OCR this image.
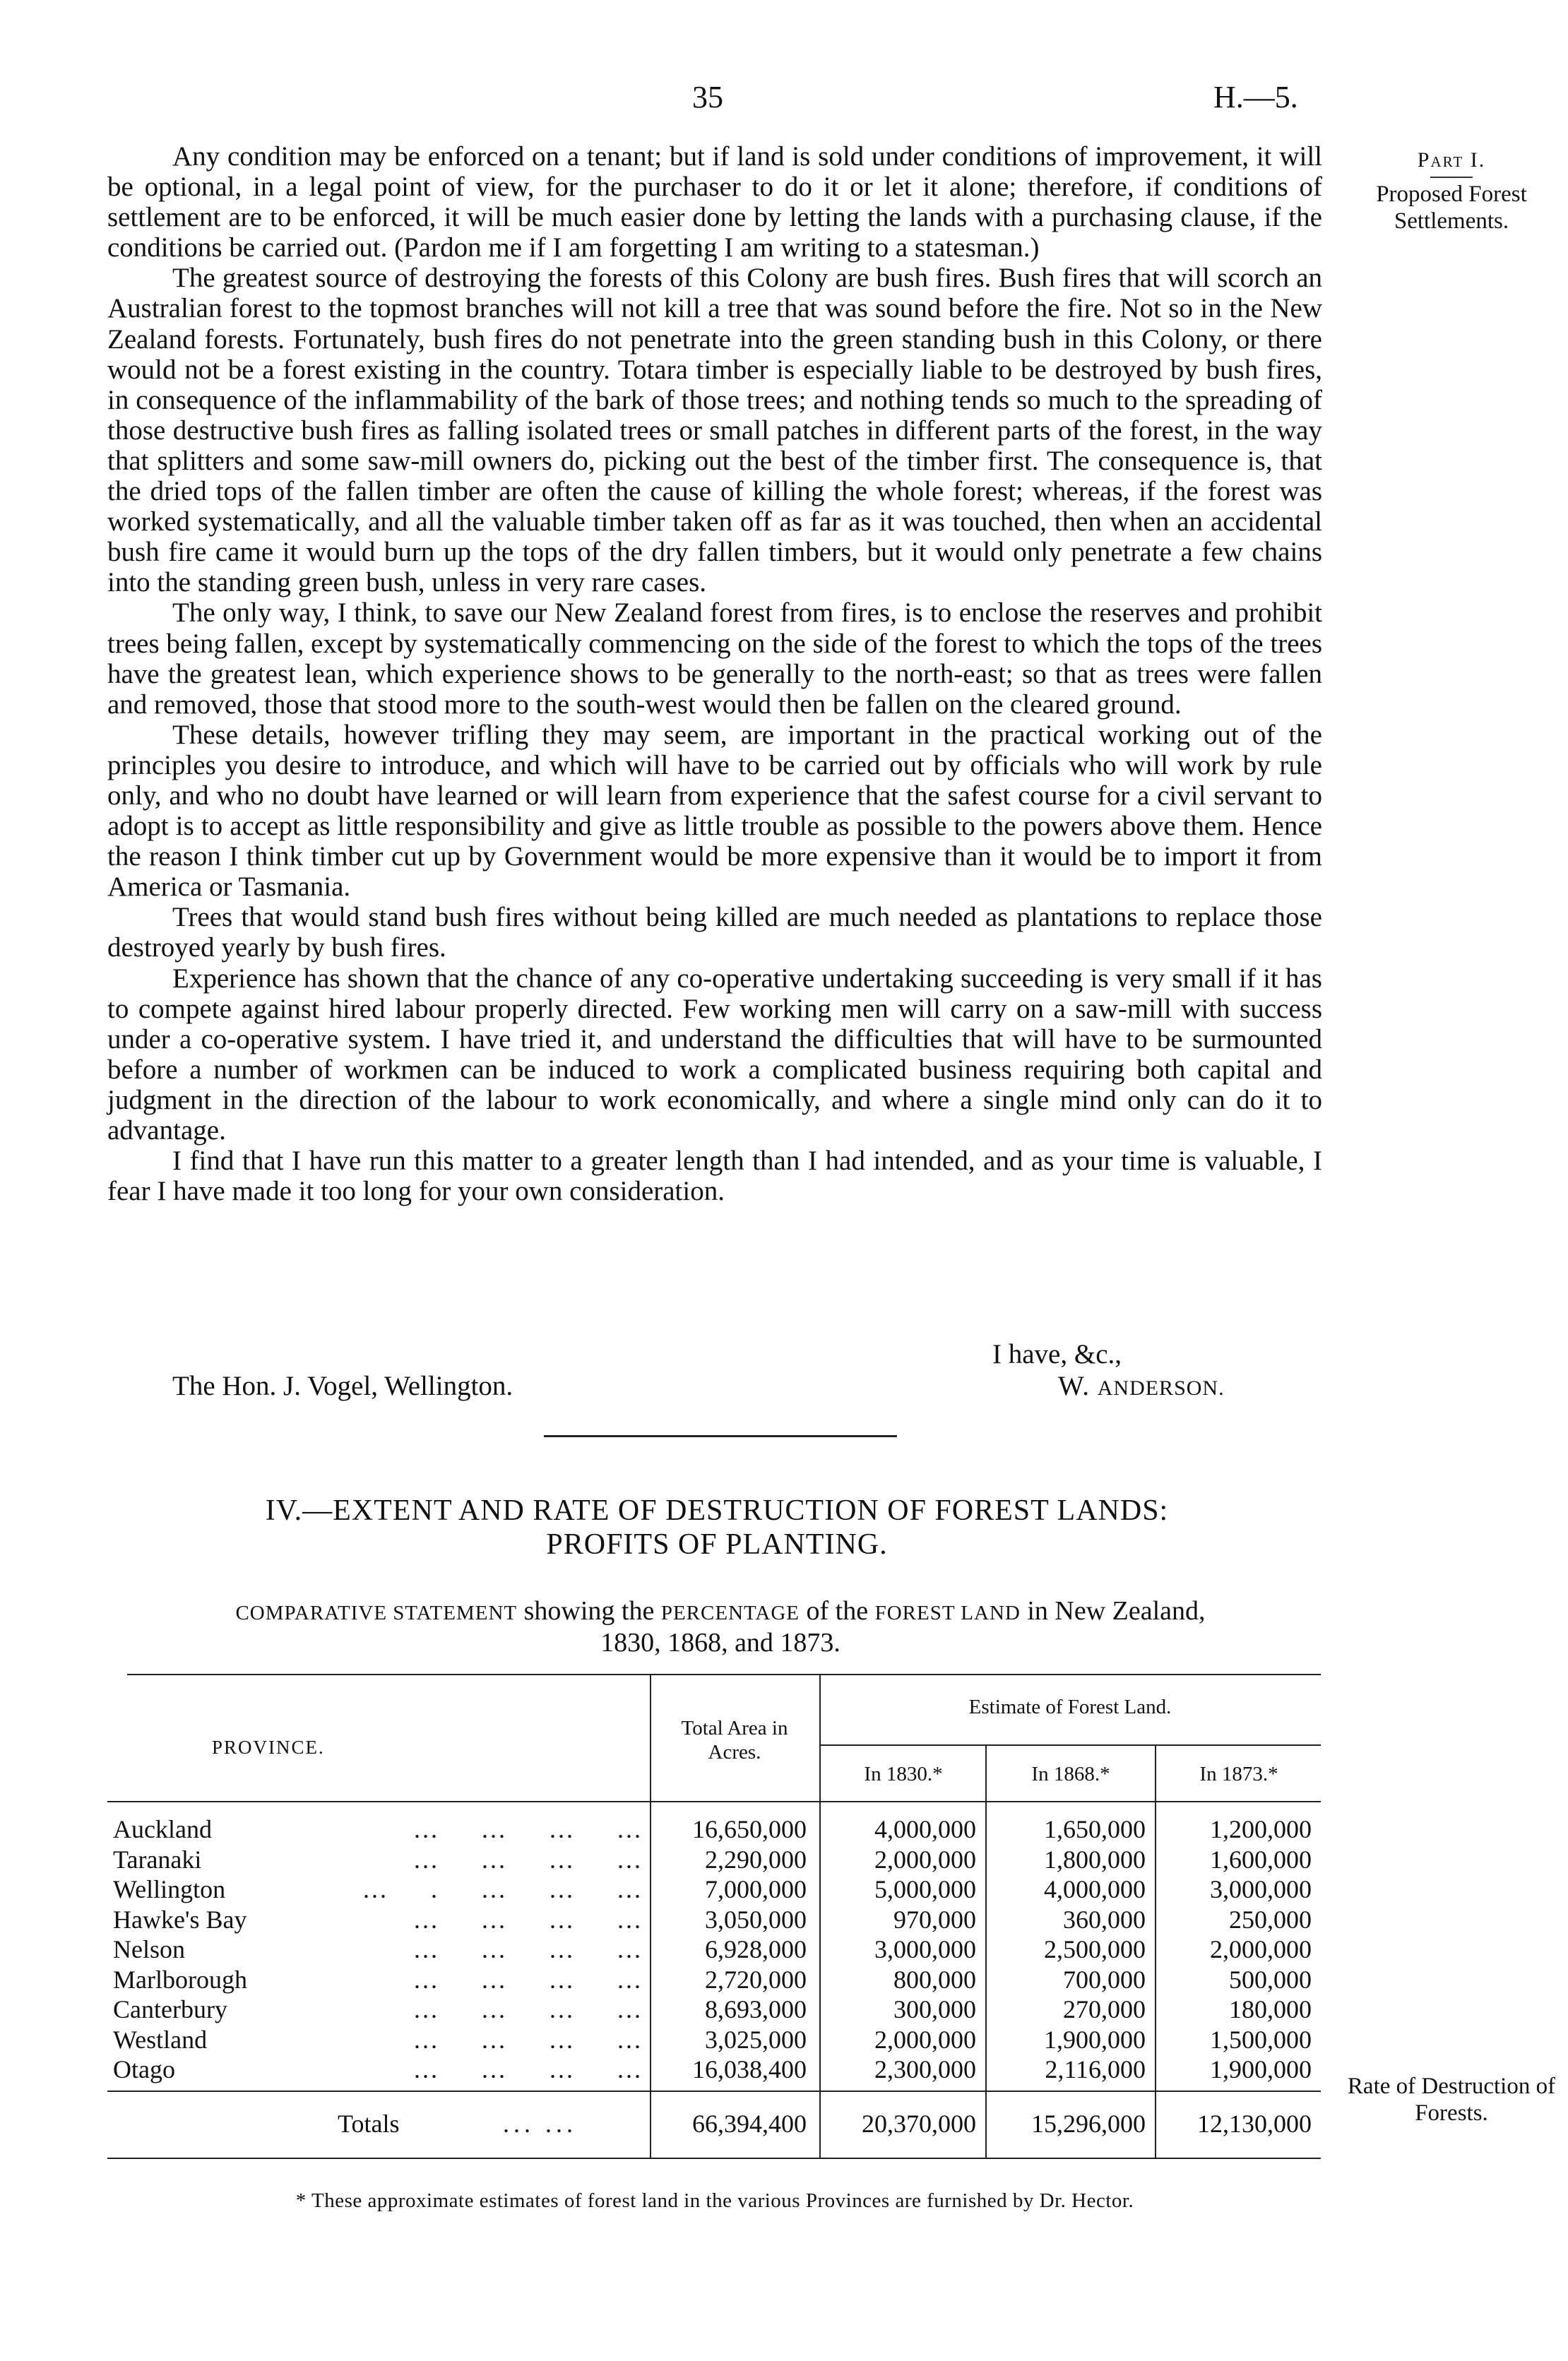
35	H.—5.
Part I.
Proposed Forest Settlements.

Any condition may be enforced on a tenant; but if land is sold under conditions of improvement, it will be optional, in a legal point of view, for the purchaser to do it or let it alone; therefore, if conditions of settlement are to be enforced, it will be much easier done by letting the lands with a purchasing clause, if the conditions be carried out. (Pardon me if I am forgetting I am writing to a statesman.)

The greatest source of destroying the forests of this Colony are bush fires. Bush fires that will scorch an Australian forest to the topmost branches will not kill a tree that was sound before the fire. Not so in the New Zealand forests. Fortunately, bush fires do not penetrate into the green standing bush in this Colony, or there would not be a forest existing in the country. Totara timber is especially liable to be destroyed by bush fires, in consequence of the inflammability of the bark of those trees; and nothing tends so much to the spreading of those destructive bush fires as falling isolated trees or small patches in different parts of the forest, in the way that splitters and some saw-mill owners do, picking out the best of the timber first. The consequence is, that the dried tops of the fallen timber are often the cause of killing the whole forest; whereas, if the forest was worked systematically, and all the valuable timber taken off as far as it was touched, then when an accidental bush fire came it would burn up the tops of the dry fallen timbers, but it would only penetrate a few chains into the standing green bush, unless in very rare cases.

The only way, I think, to save our New Zealand forest from fires, is to enclose the reserves and prohibit trees being fallen, except by systematically commencing on the side of the forest to which the tops of the trees have the greatest lean, which experience shows to be generally to the north-east; so that as trees were fallen and removed, those that stood more to the south-west would then be fallen on the cleared ground.

These details, however trifling they may seem, are important in the practical working out of the principles you desire to introduce, and which will have to be carried out by officials who will work by rule only, and who no doubt have learned or will learn from experience that the safest course for a civil servant to adopt is to accept as little responsibility and give as little trouble as possible to the powers above them. Hence the reason I think timber cut up by Government would be more expensive than it would be to import it from America or Tasmania.

Trees that would stand bush fires without being killed are much needed as plantations to replace those destroyed yearly by bush fires.

Experience has shown that the chance of any co-operative undertaking succeeding is very small if it has to compete against hired labour properly directed. Few working men will carry on a saw-mill with success under a co-operative system. I have tried it, and understand the difficulties that will have to be surmounted before a number of workmen can be induced to work a complicated business requiring both capital and judgment in the direction of the labour to work economically, and where a single mind only can do it to advantage.

I find that I have run this matter to a greater length than I had intended, and as your time is valuable, I fear I have made it too long for your own consideration.

I have, &c.,
The Hon. J. Vogel, Wellington.	W. ANDERSON.
IV.—EXTENT AND RATE OF DESTRUCTION OF FOREST LANDS:
PROFITS OF PLANTING.
COMPARATIVE STATEMENT showing the PERCENTAGE of the FOREST LAND in New Zealand,
1830, 1868, and 1873.
Rate of Destruction of Forests.
PROVINCE.
Total Area in Acres.
Estimate of Forest Land.
In 1830.*	In 1868.*	In 1873.*
Auckland	... ... ... ...	16,650,000	4,000,000	1,650,000	1,200,000
Taranaki	... ... ... ...	2,290,000	2,000,000	1,800,000	1,600,000
Wellington	... . ... ... ...	7,000,000	5,000,000	4,000,000	3,000,000
Hawke's Bay	... ... ... ...	3,050,000	970,000	360,000	250,000
Nelson	... ... ... ...	6,928,000	3,000,000	2,500,000	2,000,000
Marlborough	... ... ... ...	2,720,000	800,000	700,000	500,000
Canterbury	... ... ... ...	8,693,000	300,000	270,000	180,000
Westland	... ... ... ...	3,025,000	2,000,000	1,900,000	1,500,000
Otago	... ... ... ...	16,038,400	2,300,000	2,116,000	1,900,000
Totals	... ...	66,394,400	20,370,000	15,296,000	12,130,000
* These approximate estimates of forest land in the various Provinces are furnished by Dr. Hector.
